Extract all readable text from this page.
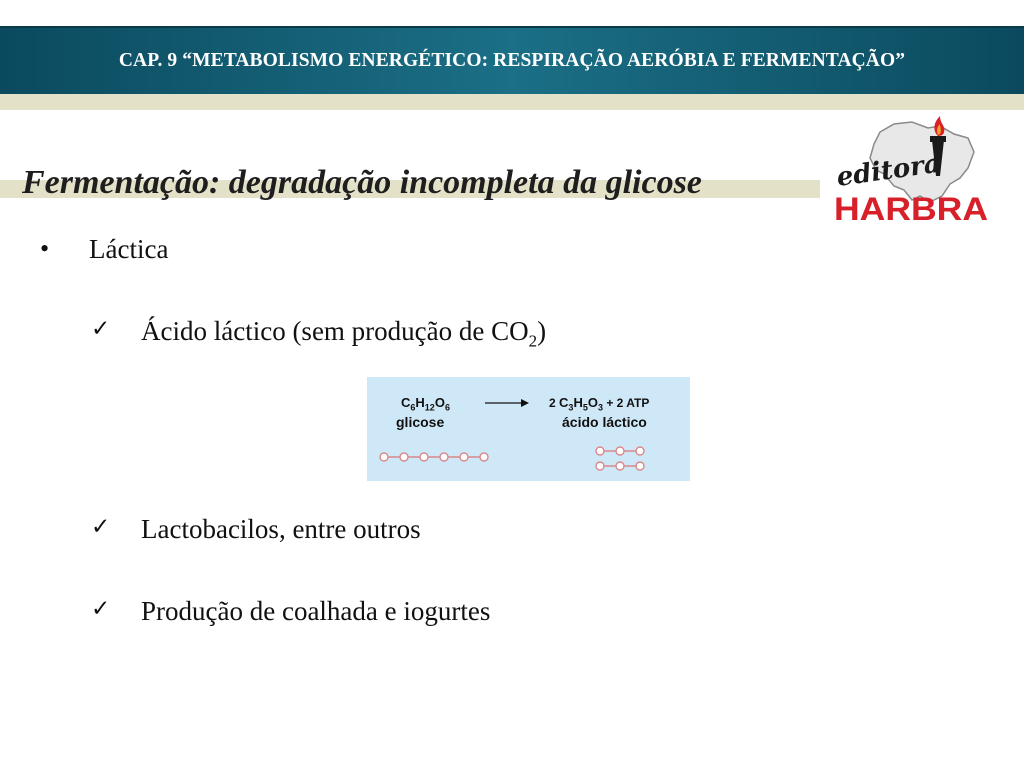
CAP. 9 “METABOLISMO ENERGÉTICO: RESPIRAÇÃO AERÓBIA E FERMENTAÇÃO”
Fermentação: degradação incompleta da glicose	editora
HARBRA
• Láctica
✓ Ácido láctico (sem produção de $CO_2$)
$C_6H_{12}O_6$
glicose
→ 2 $C_3H_5O_3 + 2$ ATP
ácido láctico
✓ Lactobacilos, entre outros
✓ Produção de coalhada e iogurtes
